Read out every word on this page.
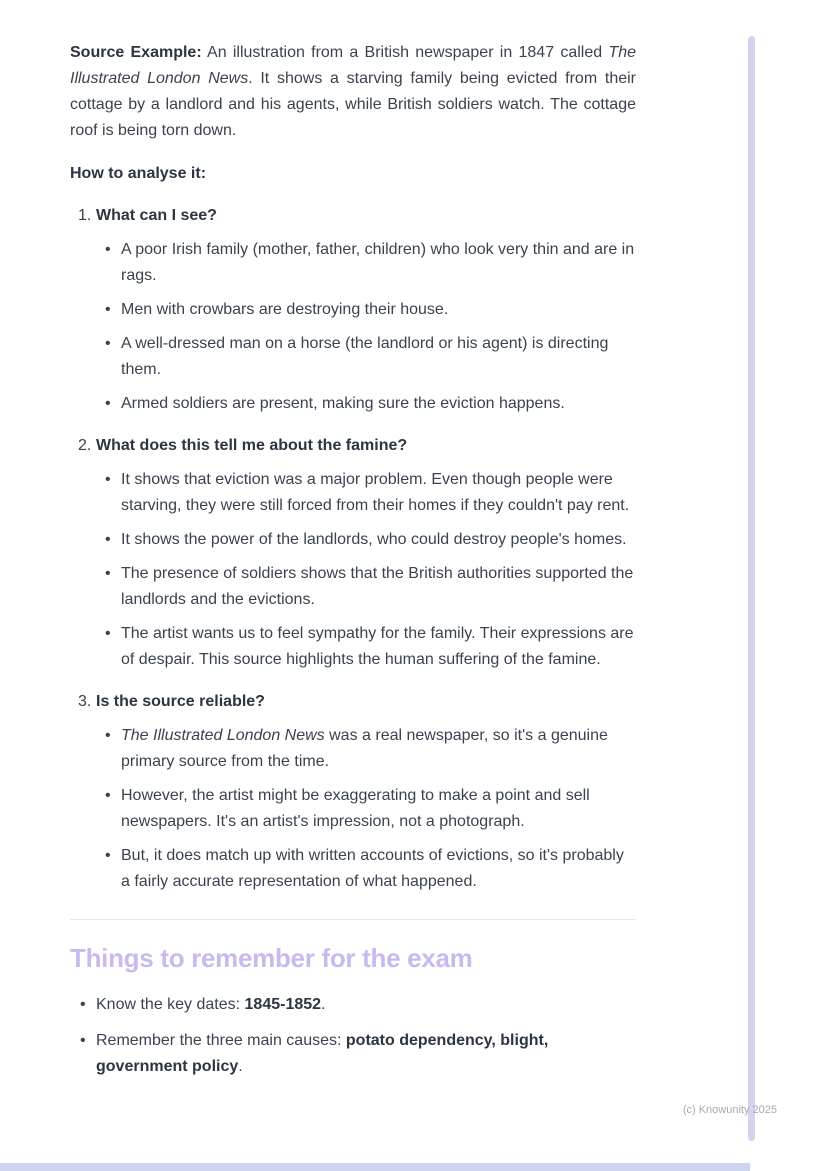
Source Example: An illustration from a British newspaper in 1847 called The Illustrated London News. It shows a starving family being evicted from their cottage by a landlord and his agents, while British soldiers watch. The cottage roof is being torn down.

How to analyse it:

1. What can I see?
• A poor Irish family (mother, father, children) who look very thin and are in rags.
• Men with crowbars are destroying their house.
• A well-dressed man on a horse (the landlord or his agent) is directing them.
• Armed soldiers are present, making sure the eviction happens.
2. What does this tell me about the famine?
• It shows that eviction was a major problem. Even though people were starving, they were still forced from their homes if they couldn't pay rent.
• It shows the power of the landlords, who could destroy people's homes.
• The presence of soldiers shows that the British authorities supported the landlords and the evictions.
• The artist wants us to feel sympathy for the family. Their expressions are of despair. This source highlights the human suffering of the famine.
3. Is the source reliable?
• The Illustrated London News was a real newspaper, so it's a genuine primary source from the time.
• However, the artist might be exaggerating to make a point and sell newspapers. It's an artist's impression, not a photograph.
• But, it does match up with written accounts of evictions, so it's probably a fairly accurate representation of what happened.
Things to remember for the exam
• Know the key dates: 1845-1852.
• Remember the three main causes: potato dependency, blight, government policy.
(c) Knowunity 2025
